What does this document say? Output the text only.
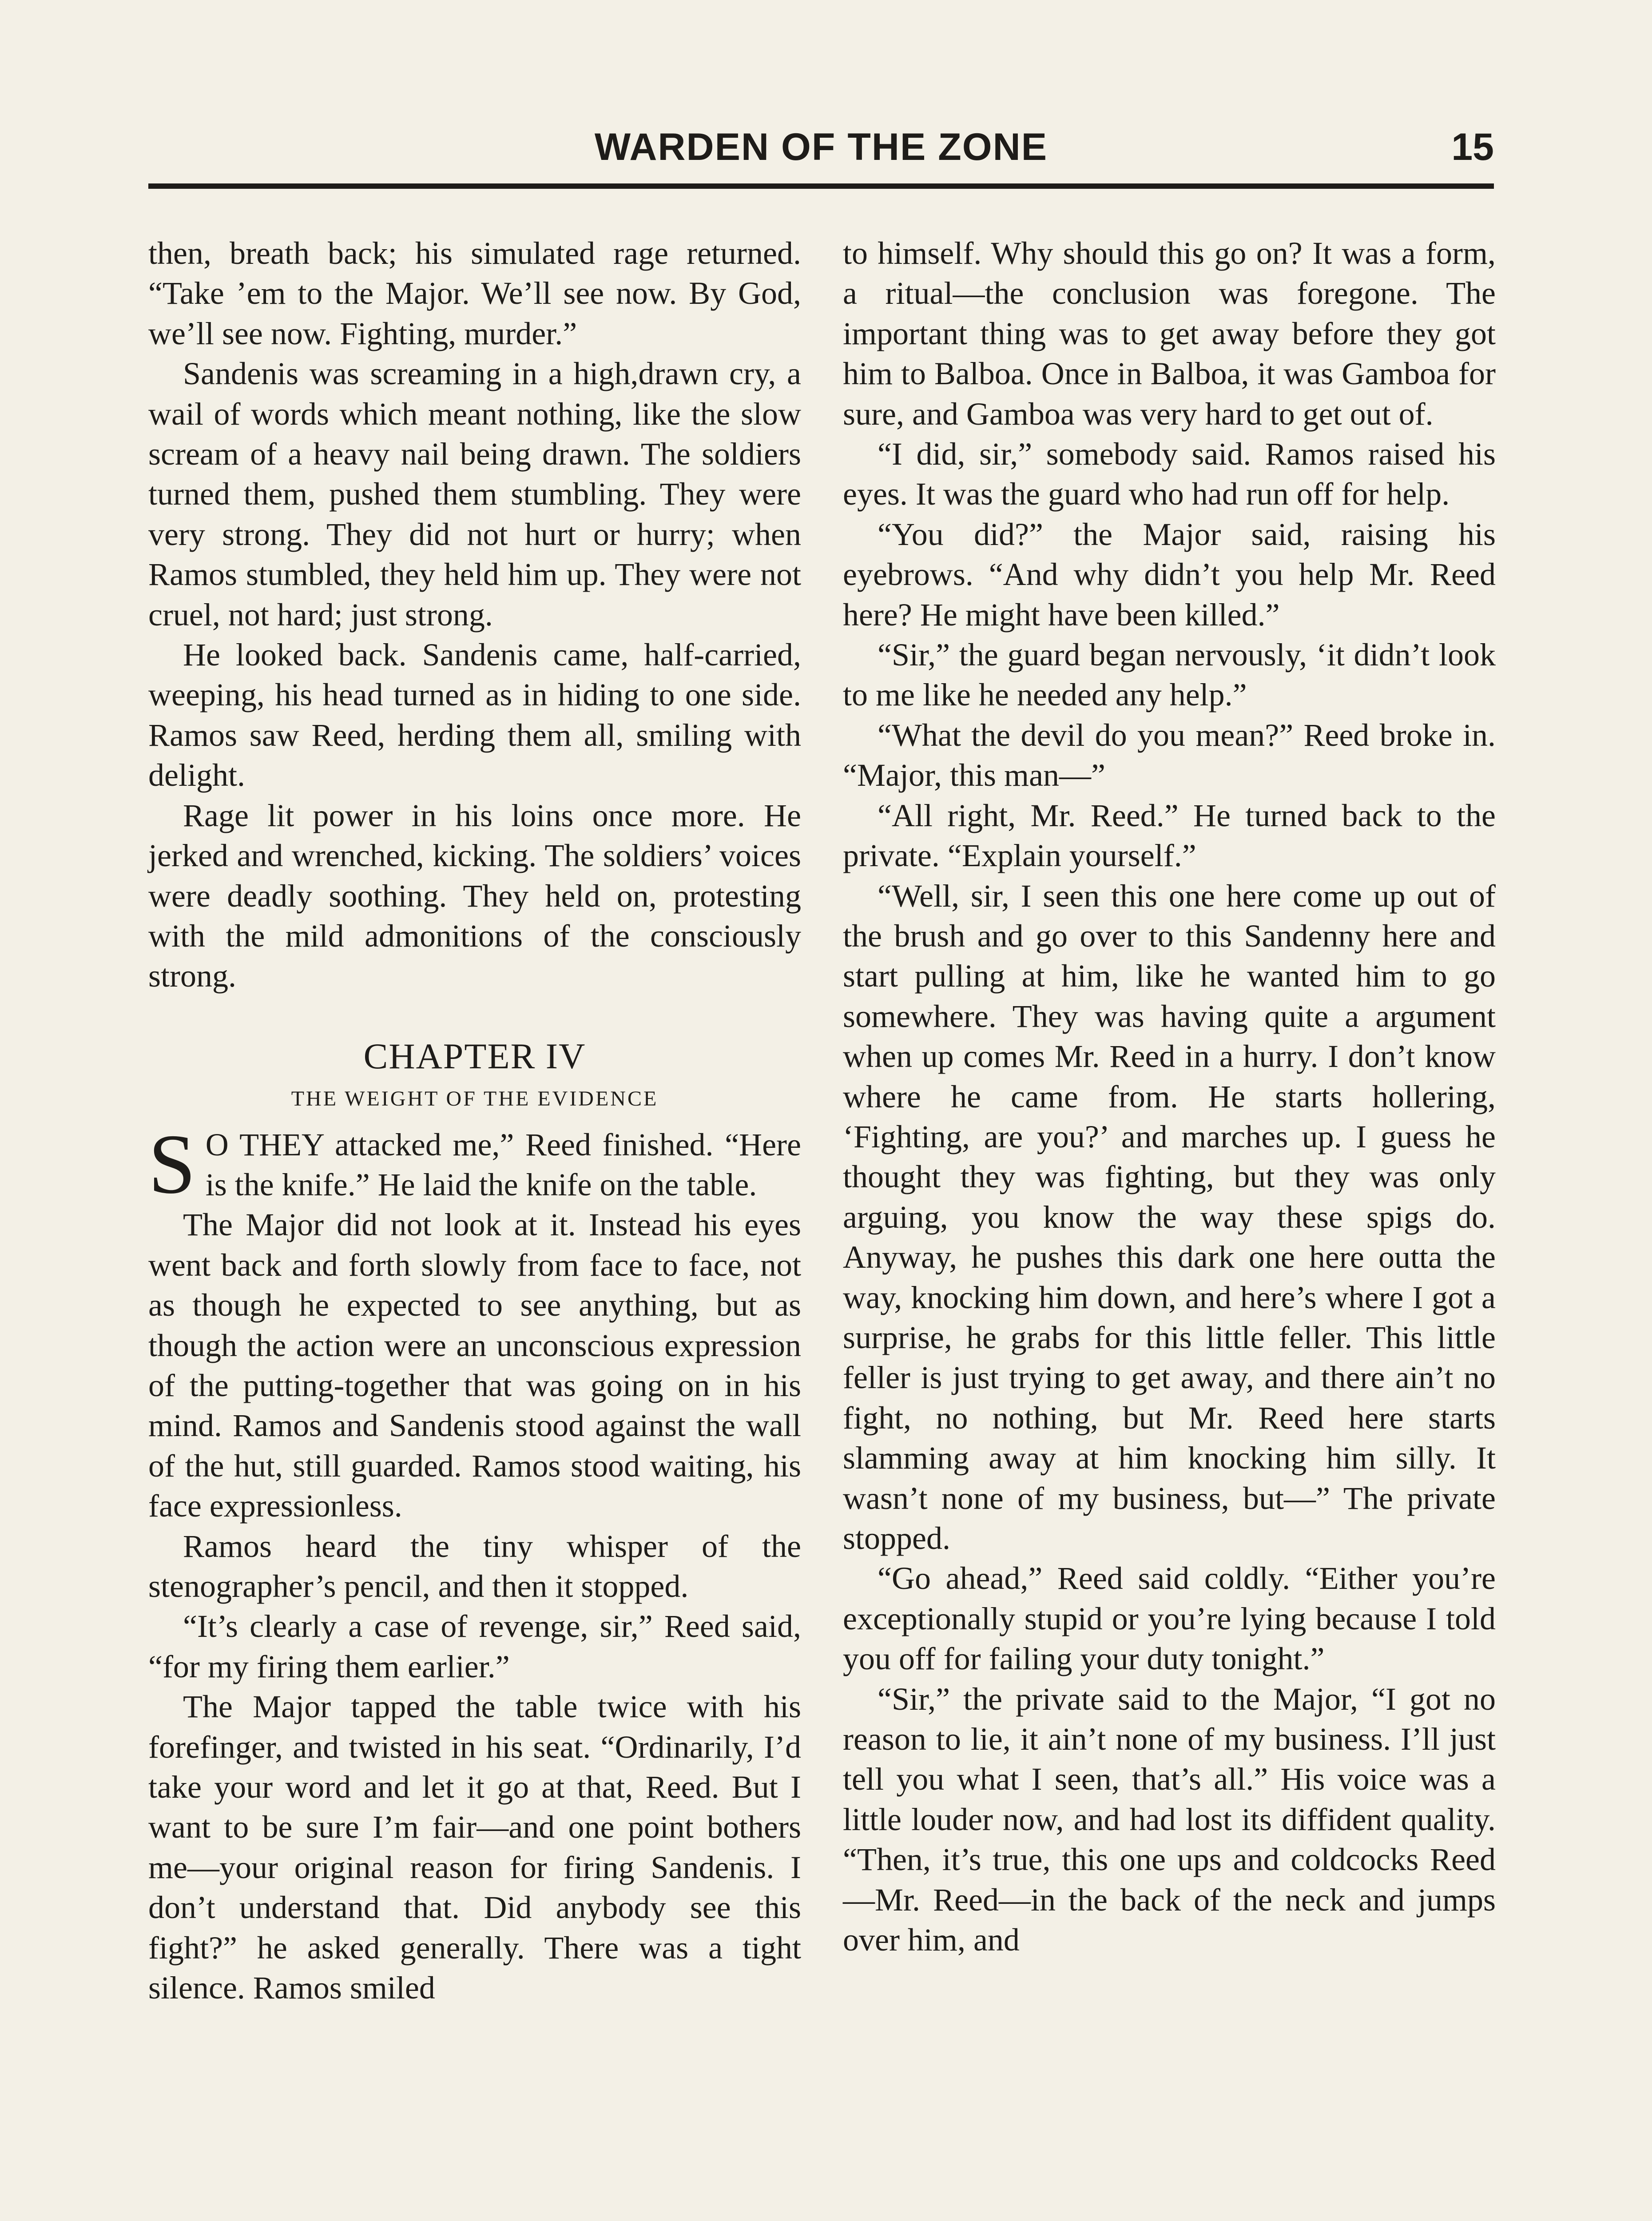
WARDEN OF THE ZONE	15

then, breath back; his simulated rage returned. “Take ’em to the Major. We’ll see now. By God, we’ll see now. Fighting, murder.”

Sandenis was screaming in a high,drawn cry, a wail of words which meant nothing, like the slow scream of a heavy nail being drawn. The soldiers turned them, pushed them stumbling. They were very strong. They did not hurt or hurry; when Ramos stumbled, they held him up. They were not cruel, not hard; just strong.

He looked back. Sandenis came, half-carried, weeping, his head turned as in hiding to one side. Ramos saw Reed, herding them all, smiling with delight.

Rage lit power in his loins once more. He jerked and wrenched, kicking. The soldiers’ voices were deadly soothing. They held on, protesting with the mild admonitions of the consciously strong.

CHAPTER IV
THE WEIGHT OF THE EVIDENCE

S O THEY attacked me,” Reed finished. “Here is the knife.” He laid the knife on the table.

The Major did not look at it. Instead his eyes went back and forth slowly from face to face, not as though he expected to see anything, but as though the action were an unconscious expression of the putting-together that was going on in his mind. Ramos and Sandenis stood against the wall of the hut, still guarded. Ramos stood waiting, his face expressionless.

Ramos heard the tiny whisper of the stenographer’s pencil, and then it stopped.

“It’s clearly a case of revenge, sir,” Reed said, “for my firing them earlier.”

The Major tapped the table twice with his forefinger, and twisted in his seat. “Ordinarily, I’d take your word and let it go at that, Reed. But I want to be sure I’m fair—and one point bothers me—your original reason for firing Sandenis. I don’t understand that. Did anybody see this fight?” he asked generally. There was a tight silence. Ramos smiled

to himself. Why should this go on? It was a form, a ritual—the conclusion was foregone. The important thing was to get away before they got him to Balboa. Once in Balboa, it was Gamboa for sure, and Gamboa was very hard to get out of.

“I did, sir,” somebody said. Ramos raised his eyes. It was the guard who had run off for help.

“You did?” the Major said, raising his eyebrows. “And why didn’t you help Mr. Reed here? He might have been killed.”

“Sir,” the guard began nervously, ‘it didn’t look to me like he needed any help.”

“What the devil do you mean?” Reed broke in. “Major, this man—”

“All right, Mr. Reed.” He turned back to the private. “Explain yourself.”

“Well, sir, I seen this one here come up out of the brush and go over to this Sandenny here and start pulling at him, like he wanted him to go somewhere. They was having quite a argument when up comes Mr. Reed in a hurry. I don’t know where he came from. He starts hollering, ‘Fighting, are you?’ and marches up. I guess he thought they was fighting, but they was only arguing, you know the way these spigs do. Anyway, he pushes this dark one here outta the way, knocking him down, and here’s where I got a surprise, he grabs for this little feller. This little feller is just trying to get away, and there ain’t no fight, no nothing, but Mr. Reed here starts slamming away at him knocking him silly. It wasn’t none of my business, but—” The private stopped.

“Go ahead,” Reed said coldly. “Either you’re exceptionally stupid or you’re lying because I told you off for failing your duty tonight.”

“Sir,” the private said to the Major, “I got no reason to lie, it ain’t none of my business. I’ll just tell you what I seen, that’s all.” His voice was a little louder now, and had lost its diffident quality. “Then, it’s true, this one ups and coldcocks Reed—Mr. Reed—in the back of the neck and jumps over him, and
